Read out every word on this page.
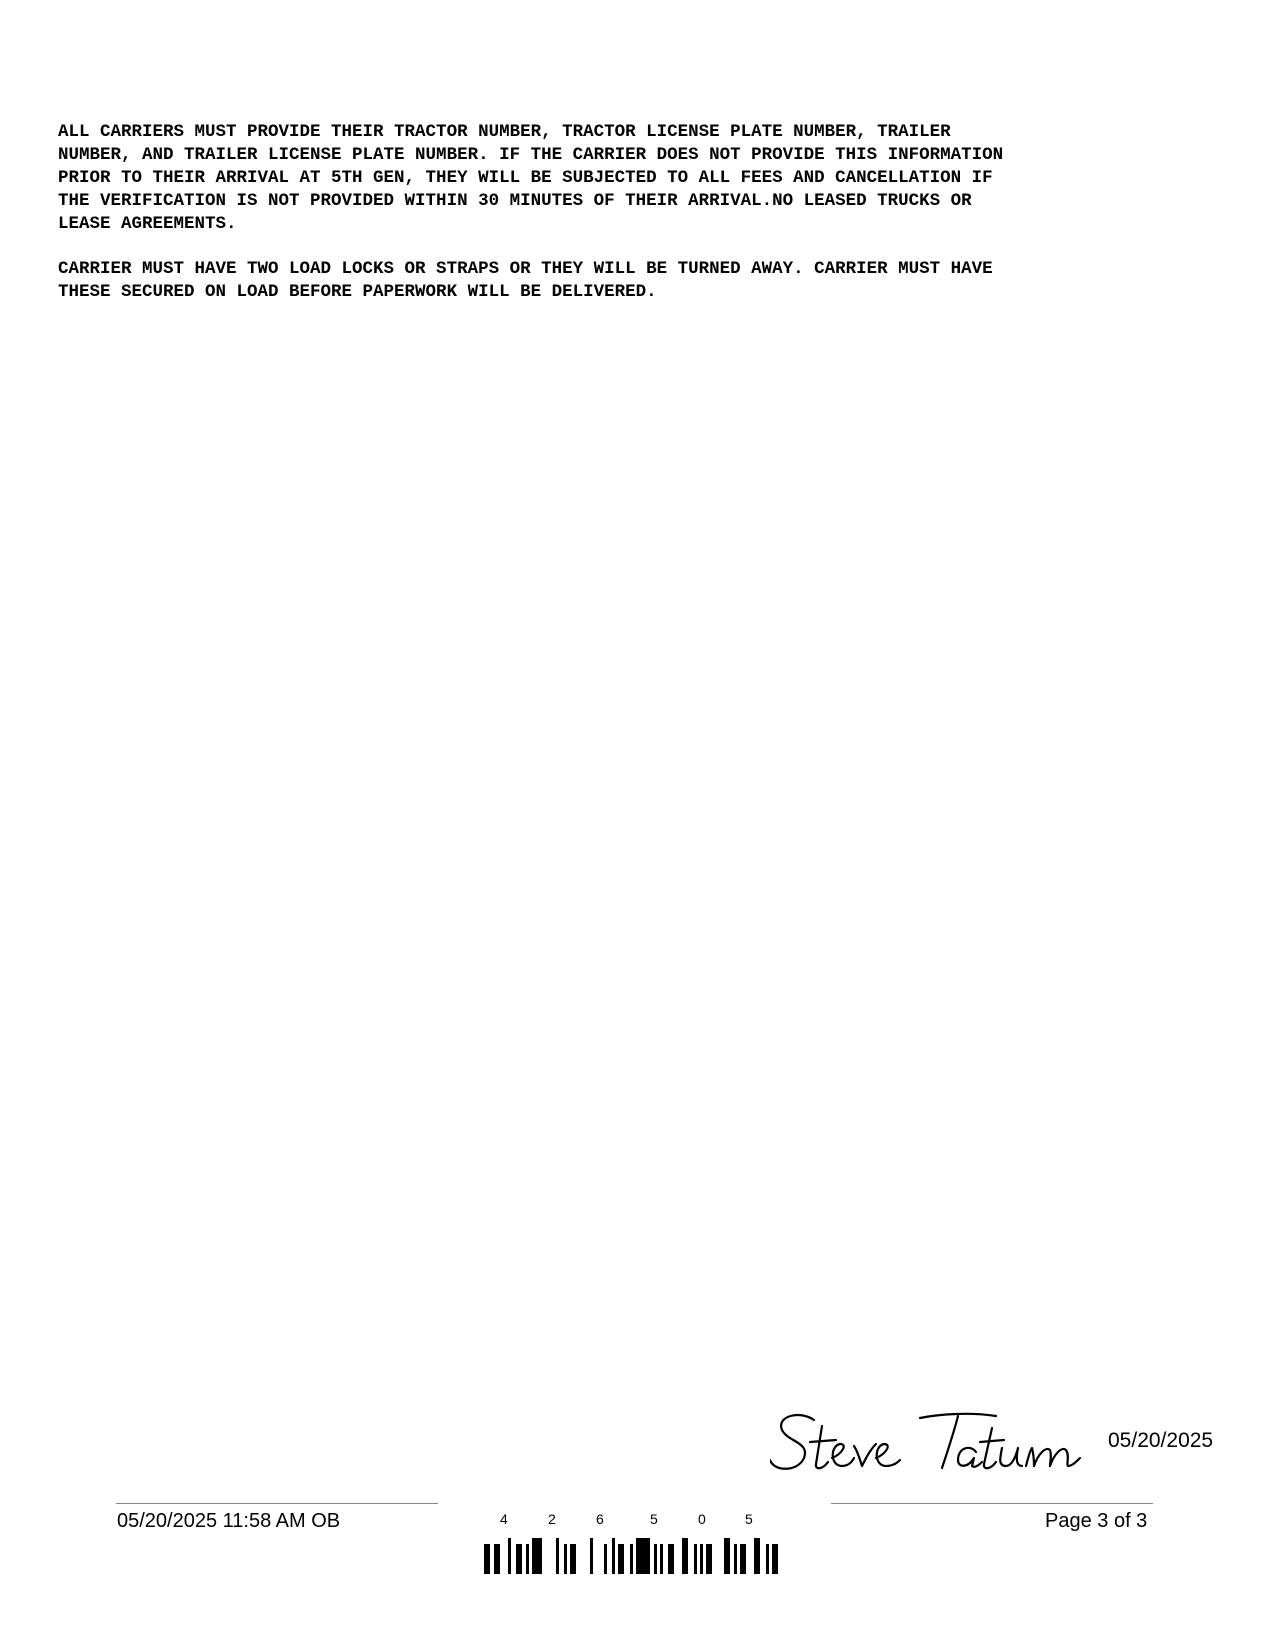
ALL CARRIERS MUST PROVIDE THEIR TRACTOR NUMBER, TRACTOR LICENSE PLATE NUMBER, TRAILER
NUMBER, AND TRAILER LICENSE PLATE NUMBER. IF THE CARRIER DOES NOT PROVIDE THIS INFORMATION
PRIOR TO THEIR ARRIVAL AT 5TH GEN, THEY WILL BE SUBJECTED TO ALL FEES AND CANCELLATION IF
THE VERIFICATION IS NOT PROVIDED WITHIN 30 MINUTES OF THEIR ARRIVAL.NO LEASED TRUCKS OR
LEASE AGREEMENTS.

CARRIER MUST HAVE TWO LOAD LOCKS OR STRAPS OR THEY WILL BE TURNED AWAY. CARRIER MUST HAVE
THESE SECURED ON LOAD BEFORE PAPERWORK WILL BE DELIVERED.

05/20/2025
05/20/2025 11:58 AM OB	4	2	6	5	0	5	Page 3 of 3
